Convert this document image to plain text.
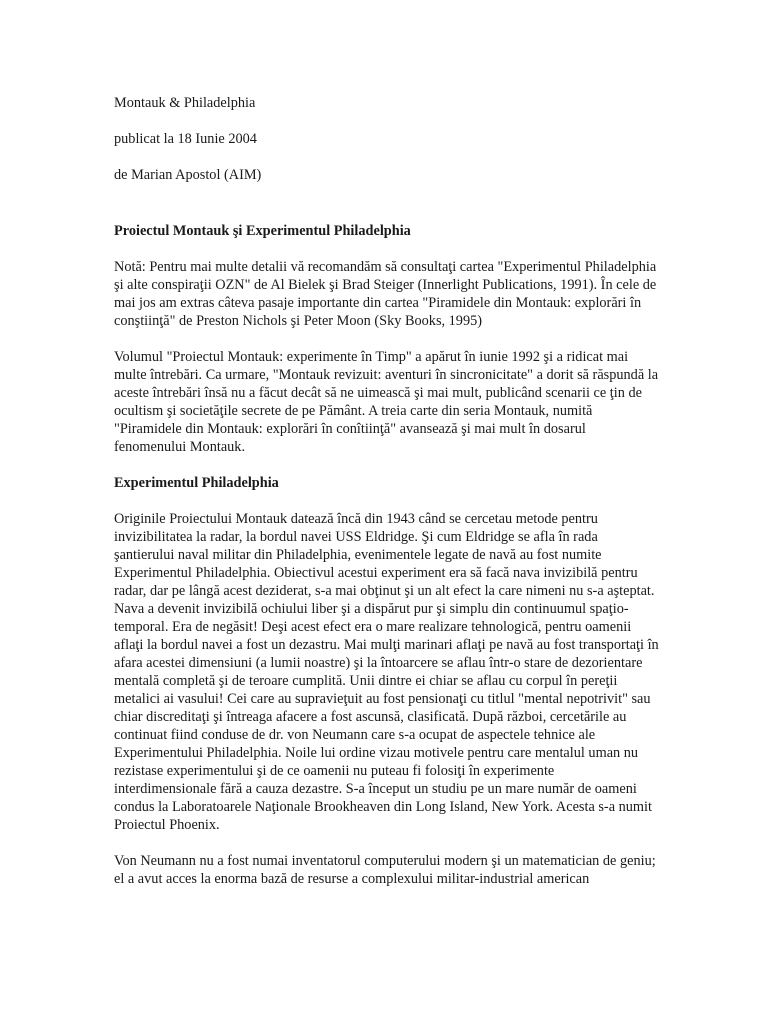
Montauk & Philadelphia

publicat la 18 Iunie 2004

de Marian Apostol (AIM)

Proiectul Montauk şi Experimentul Philadelphia

Notă: Pentru mai multe detalii vă recomandăm să consultaţi cartea "Experimentul Philadelphia şi alte conspiraţii OZN" de Al Bielek şi Brad Steiger (Innerlight Publications, 1991). În cele de mai jos am extras câteva pasaje importante din cartea "Piramidele din Montauk: explorări în conştiinţă" de Preston Nichols şi Peter Moon (Sky Books, 1995)

Volumul "Proiectul Montauk: experimente în Timp" a apărut în iunie 1992 şi a ridicat mai multe întrebări. Ca urmare, "Montauk revizuit: aventuri în sincronicitate" a dorit să răspundă la aceste întrebări însă nu a făcut decât să ne uimească şi mai mult, publicând scenarii ce ţin de ocultism şi societăţile secrete de pe Pământ. A treia carte din seria Montauk, numită "Piramidele din Montauk: explorări în conîtiinţă" avansează şi mai mult în dosarul fenomenului Montauk.

Experimentul Philadelphia

Originile Proiectului Montauk datează încă din 1943 când se cercetau metode pentru invizibilitatea la radar, la bordul navei USS Eldridge. Şi cum Eldridge se afla în rada şantierului naval militar din Philadelphia, evenimentele legate de navă au fost numite Experimentul Philadelphia. Obiectivul acestui experiment era să facă nava invizibilă pentru radar, dar pe lângă acest deziderat, s-a mai obţinut şi un alt efect la care nimeni nu s-a aşteptat. Nava a devenit invizibilă ochiului liber şi a dispărut pur şi simplu din continuumul spaţio-temporal. Era de negăsit! Deşi acest efect era o mare realizare tehnologică, pentru oamenii aflaţi la bordul navei a fost un dezastru. Mai mulţi marinari aflaţi pe navă au fost transportaţi în afara acestei dimensiuni (a lumii noastre) şi la întoarcere se aflau într-o stare de dezorientare mentală completă şi de teroare cumplită. Unii dintre ei chiar se aflau cu corpul în pereţii metalici ai vasului! Cei care au supravieţuit au fost pensionaţi cu titlul "mental nepotrivit" sau chiar discreditaţi şi întreaga afacere a fost ascunsă, clasificată. După război, cercetările au continuat fiind conduse de dr. von Neumann care s-a ocupat de aspectele tehnice ale Experimentului Philadelphia. Noile lui ordine vizau motivele pentru care mentalul uman nu rezistase experimentului şi de ce oamenii nu puteau fi folosiţi în experimente interdimensionale fără a cauza dezastre. S-a început un studiu pe un mare număr de oameni condus la Laboratoarele Naţionale Brookheaven din Long Island, New York. Acesta s-a numit Proiectul Phoenix.

Von Neumann nu a fost numai inventatorul computerului modern şi un matematician de geniu; el a avut acces la enorma bază de resurse a complexului militar-industrial american
